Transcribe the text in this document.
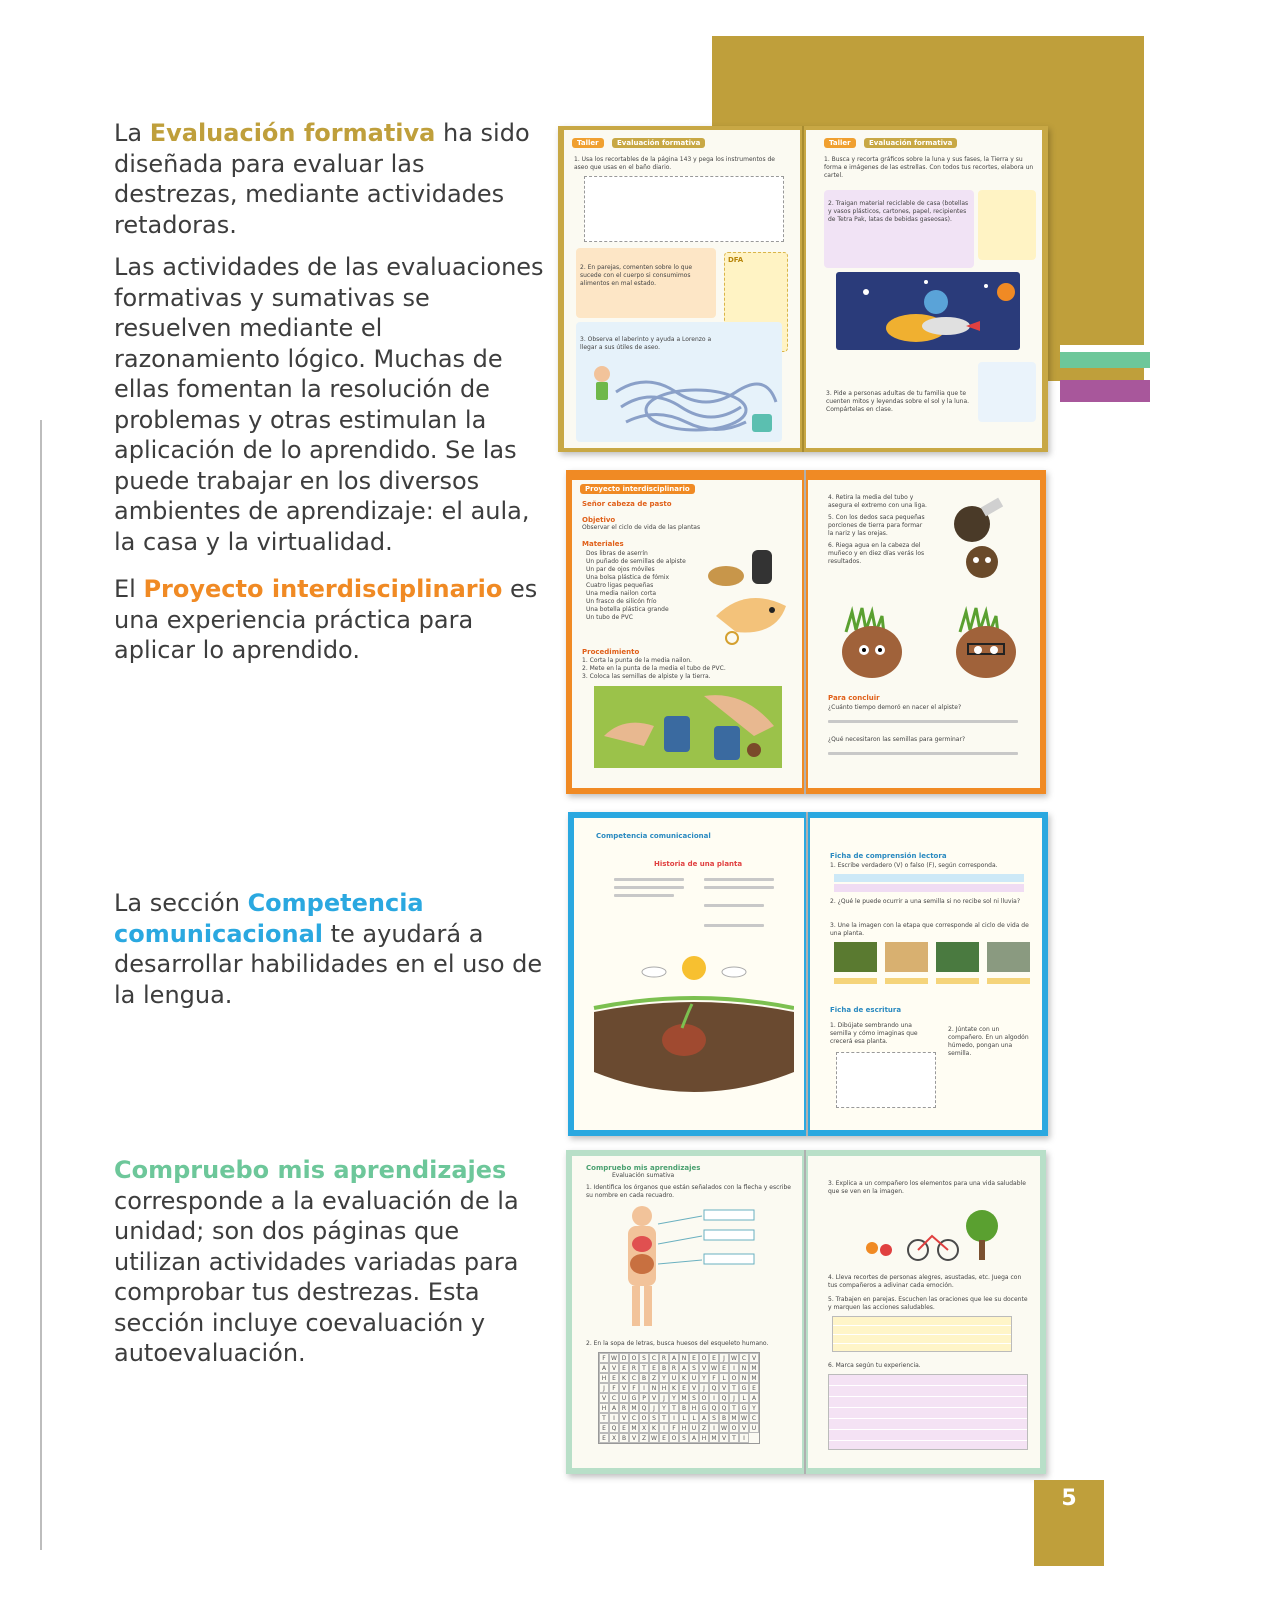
La Evaluación formativa ha sido diseñada para evaluar las destrezas, mediante actividades retadoras.

Las actividades de las evaluaciones formativas y sumativas se resuelven mediante el razonamiento lógico. Muchas de ellas fomentan la resolución de problemas y otras estimulan la aplicación de lo aprendido. Se las puede trabajar en los diversos ambientes de aprendizaje: el aula, la casa y la virtualidad.

El Proyecto interdisciplinario es una experiencia práctica para aplicar lo aprendido.

La sección Competencia comunicacional te ayudará a desarrollar habilidades en el uso de la lengua.

Compruebo mis aprendizajes corresponde a la evaluación de la unidad; son dos páginas que utilizan actividades variadas para comprobar tus destrezas. Esta sección incluye coevaluación y autoevaluación.

Taller	Evaluación formativa
1. Usa los recortables de la página 143 y pega los instrumentos de aseo que usas en el baño diario.
2. En parejas, comenten sobre lo que sucede con el cuerpo si consumimos alimentos en mal estado.
DFA
3. Observa el laberinto y ayuda a Lorenzo a llegar a sus útiles de aseo.
Taller	Evaluación formativa
1. Busca y recorta gráficos sobre la luna y sus fases, la Tierra y su forma e imágenes de las estrellas. Con todos tus recortes, elabora un cartel.
2. Traigan material reciclable de casa (botellas y vasos plásticos, cartones, papel, recipientes de Tetra Pak, latas de bebidas gaseosas).
3. Pide a personas adultas de tu familia que te cuenten mitos y leyendas sobre el sol y la luna. Compártelas en clase.
Proyecto interdisciplinario
Señor cabeza de pasto
Objetivo
Observar el ciclo de vida de las plantas
Materiales
Dos libras de aserrín
Un puñado de semillas de alpiste
Un par de ojos móviles
Una bolsa plástica de fómix
Cuatro ligas pequeñas
Una media nailon corta
Un frasco de silicón frío
Una botella plástica grande
Un tubo de PVC
Procedimiento
1. Corta la punta de la media nailon.
2. Mete en la punta de la media el tubo de PVC.
3. Coloca las semillas de alpiste y la tierra.
4. Retira la media del tubo y asegura el extremo con una liga.
5. Con los dedos saca pequeñas porciones de tierra para formar la nariz y las orejas.
6. Riega agua en la cabeza del muñeco y en diez días verás los resultados.
Para concluir
¿Cuánto tiempo demoró en nacer el alpiste?
¿Qué necesitaron las semillas para germinar?
Competencia comunicacional
Historia de una planta
Ficha de comprensión lectora
1. Escribe verdadero (V) o falso (F), según corresponda.
2. ¿Qué le puede ocurrir a una semilla si no recibe sol ni lluvia?
3. Une la imagen con la etapa que corresponde al ciclo de vida de una planta.
Ficha de escritura
1. Dibújate sembrando una semilla y cómo imaginas que crecerá esa planta.
2. Júntate con un compañero. En un algodón húmedo, pongan una semilla.
Compruebo mis aprendizajes
Evaluación sumativa
1. Identifica los órganos que están señalados con la flecha y escribe su nombre en cada recuadro.
2. En la sopa de letras, busca huesos del esqueleto humano.
F W D O S C R A N E O E	J	W C V
A V	E	R	T	E	B R A	S	V W E	I	N M
H E	K C B Z	Y U K U Y	F	L O N M
J	F	V	F	I	N H K	E	V	J	Q V	T G E
V C U G P	V	J	Y M S O	I	Q	J	L	A
H A R M Q	J	Y	T	B H G Q Q T G Y
T	I	V C O S	T	I	L	L	A	S	B M W C
E Q E M X K	I	F	H U Z	I	W O V U
E	X B V Z W E O S	A H M V	T	I
3. Explica a un compañero los elementos para una vida saludable que se ven en la imagen.
4. Lleva recortes de personas alegres, asustadas, etc. Juega con tus compañeros a adivinar cada emoción.
5. Trabajen en parejas. Escuchen las oraciones que lee su docente y marquen las acciones saludables.
6. Marca según tu experiencia.
5
